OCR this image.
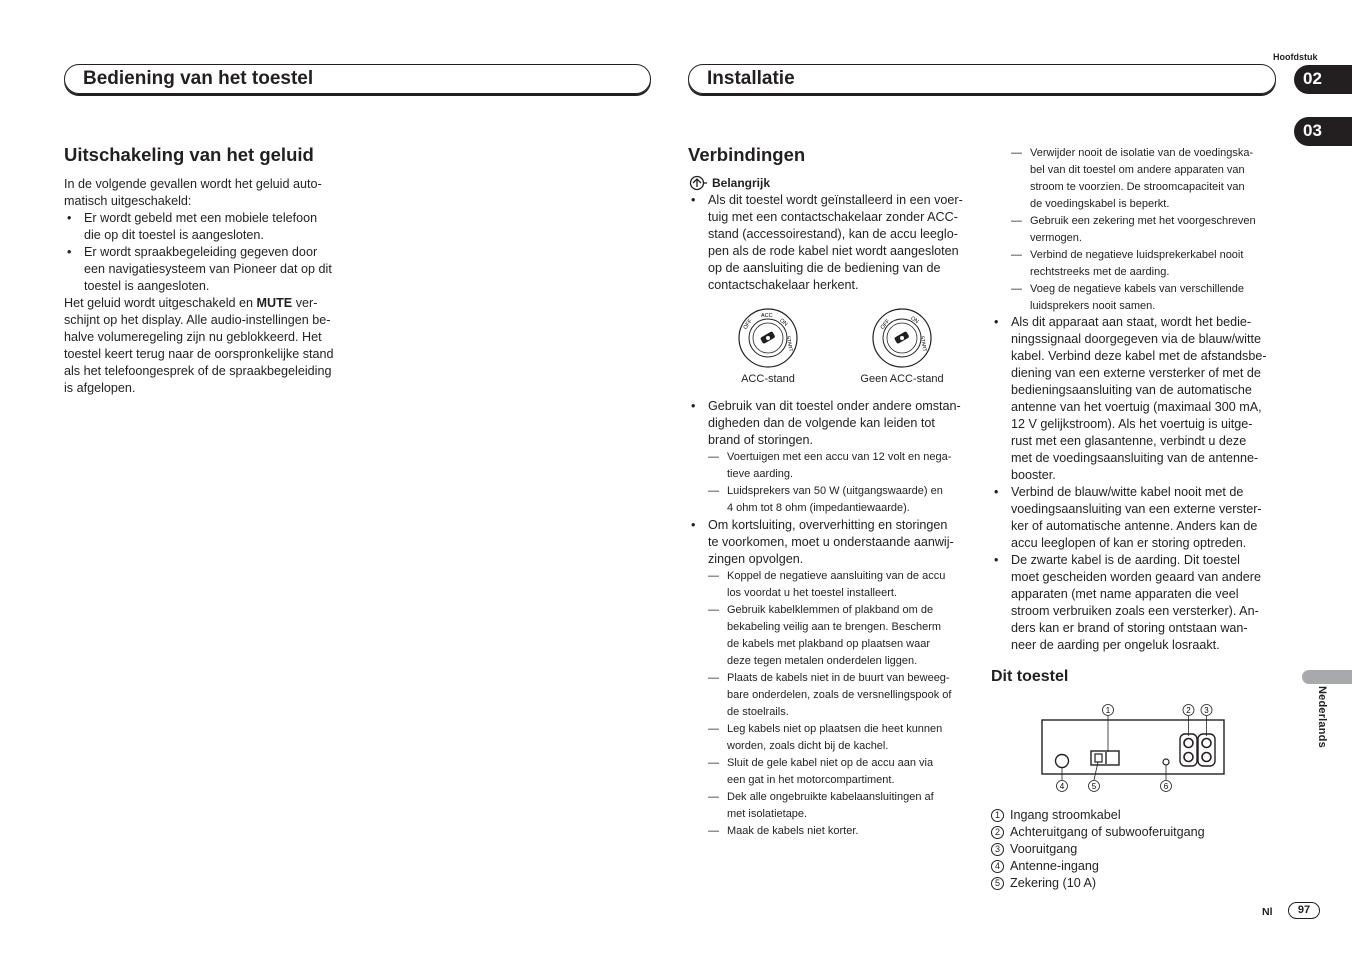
Hoofdstuk
Bediening van het toestel	Installatie	02
03
Nederlands
Uitschakeling van het geluid
In de volgende gevallen wordt het geluid auto-
matisch uitgeschakeld:
• Er wordt gebeld met een mobiele telefoon
die op dit toestel is aangesloten.
• Er wordt spraakbegeleiding gegeven door
een navigatiesysteem van Pioneer dat op dit
toestel is aangesloten.
Het geluid wordt uitgeschakeld en MUTE ver-
schijnt op het display. Alle audio-instellingen be-
halve volumeregeling zijn nu geblokkeerd. Het
toestel keert terug naar de oorspronkelijke stand
als het telefoongesprek of de spraakbegeleiding
is afgelopen.
Verbindingen
Belangrijk
• Als dit toestel wordt geïnstalleerd in een voer-
tuig met een contactschakelaar zonder ACC-
stand (accessoirestand), kan de accu leeglo-
pen als de rode kabel niet wordt aangesloten
op de aansluiting die de bediening van de
contactschakelaar herkent.
OFF
ACC
ON
START
ACC-stand
OFF	ON
START
Geen ACC-stand
• Gebruik van dit toestel onder andere omstan-
digheden dan de volgende kan leiden tot
brand of storingen.
— Voertuigen met een accu van 12 volt en nega-
tieve aarding.
— Luidsprekers van 50 W (uitgangswaarde) en
4 ohm tot 8 ohm (impedantiewaarde).
• Om kortsluiting, oververhitting en storingen
te voorkomen, moet u onderstaande aanwij-
zingen opvolgen.
— Koppel de negatieve aansluiting van de accu
los voordat u het toestel installeert.
— Gebruik kabelklemmen of plakband om de
bekabeling veilig aan te brengen. Bescherm
de kabels met plakband op plaatsen waar
deze tegen metalen onderdelen liggen.
— Plaats de kabels niet in de buurt van beweeg-
bare onderdelen, zoals de versnellingspook of
de stoelrails.
— Leg kabels niet op plaatsen die heet kunnen
worden, zoals dicht bij de kachel.
— Sluit de gele kabel niet op de accu aan via
een gat in het motorcompartiment.
— Dek alle ongebruikte kabelaansluitingen af
met isolatietape.
— Maak de kabels niet korter.
— Verwijder nooit de isolatie van de voedingska-
bel van dit toestel om andere apparaten van
stroom te voorzien. De stroomcapaciteit van
de voedingskabel is beperkt.
— Gebruik een zekering met het voorgeschreven
vermogen.
— Verbind de negatieve luidsprekerkabel nooit
rechtstreeks met de aarding.
— Voeg de negatieve kabels van verschillende
luidsprekers nooit samen.
• Als dit apparaat aan staat, wordt het bedie-
ningssignaal doorgegeven via de blauw/witte
kabel. Verbind deze kabel met de afstandsbe-
diening van een externe versterker of met de
bedieningsaansluiting van de automatische
antenne van het voertuig (maximaal 300 mA,
12 V gelijkstroom). Als het voertuig is uitge-
rust met een glasantenne, verbindt u deze
met de voedingsaansluiting van de antenne-
booster.
• Verbind de blauw/witte kabel nooit met de
voedingsaansluiting van een externe verster-
ker of automatische antenne. Anders kan de
accu leeglopen of kan er storing optreden.
• De zwarte kabel is de aarding. Dit toestel
moet gescheiden worden geaard van andere
apparaten (met name apparaten die veel
stroom verbruiken zoals een versterker). An-
ders kan er brand of storing ontstaan wan-
neer de aarding per ongeluk losraakt.
Dit toestel
1	2 3
4	5	6
1 Ingang stroomkabel
2 Achteruitgang of subwooferuitgang
3 Vooruitgang
4 Antenne-ingang
5 Zekering (10 A)
Nl	97
